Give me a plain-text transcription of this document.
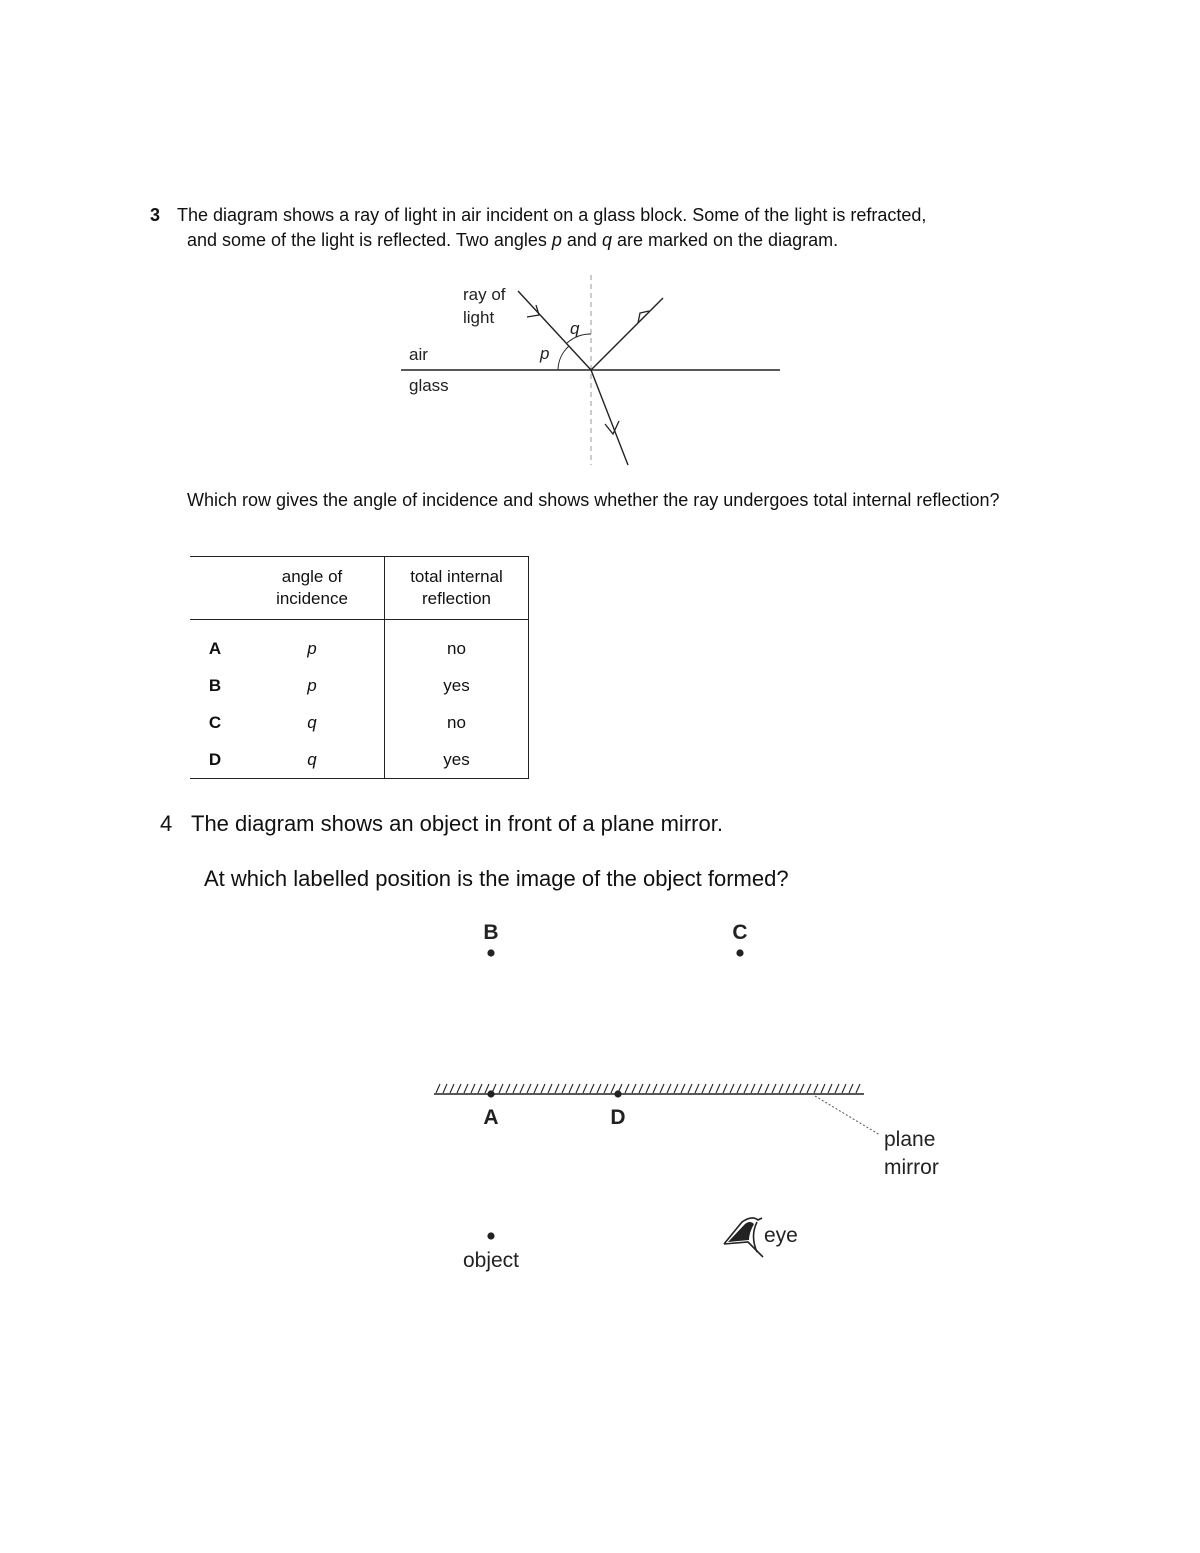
3 The diagram shows a ray of light in air incident on a glass block. Some of the light is refracted,
and some of the light is reflected. Two angles p and q are marked on the diagram.
ray of
light
q
p
air
glass
Which row gives the angle of incidence and shows whether the ray undergoes total internal reflection?
	angle of
incidence	total internal
reflection
A	p	no
B	p	yes
C	q	no
D	q	yes
4 The diagram shows an object in front of a plane mirror.
At which labelled position is the image of the object formed?
B	C
A	D
plane
mirror
object
eye
